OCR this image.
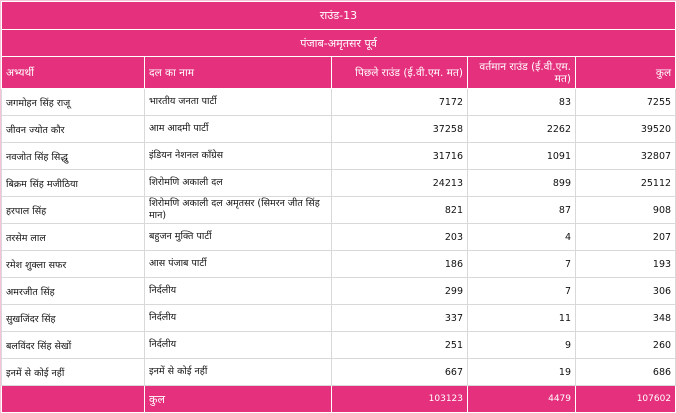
राउंड-13				
पंजाब-अमृतसर पूर्व				
अभ्यर्थी	दल का नाम	पिछले राउंड (ई.वी.एम. मत)	वर्तमान राउंड (ई.वी.एम. मत)	कुल
जगमोहन सिंह राजू	भारतीय जनता पार्टी	7172	83	7255
जीवन ज्योत कौर	आम आदमी पार्टी	37258	2262	39520
नवजोत सिंह सिद्धु	इंडियन नेशनल कॉंग्रेस	31716	1091	32807
बिक्रम सिंह मजीठिया	शिरोमणि अकाली दल	24213	899	25112
हरपाल सिंह	शिरोमणि अकाली दल अमृतसर (सिमरन जीत सिंह मान)	821	87	908
तरसेम लाल	बहुजन मुक्ति पार्टी	203	4	207
रमेश शुक्ला सफर	आस पंजाब पार्टी	186	7	193
अमरजीत सिंह	निर्दलीय	299	7	306
सुखजिंदर सिंह	निर्दलीय	337	11	348
बलविंदर सिंह सेखों	निर्दलीय	251	9	260
इनमें से कोई नहीं	इनमें से कोई नहीं	667	19	686
	कुल	103123	4479	107602
